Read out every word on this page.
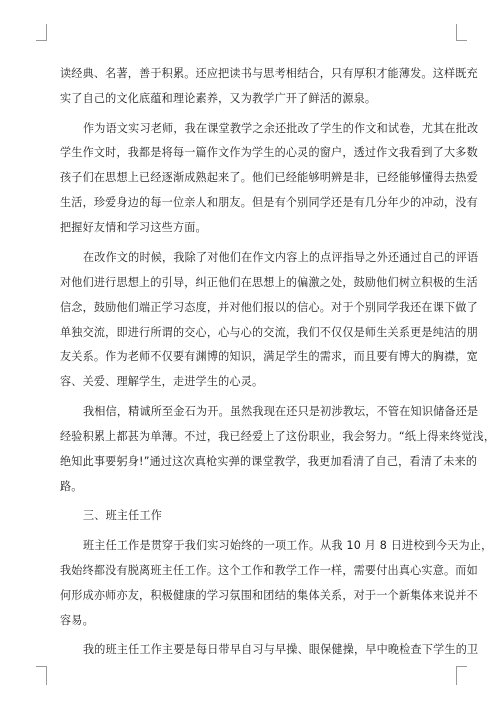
读经典、名著，善于积累。还应把读书与思考相结合，只有厚积才能薄发。这样既充
实了自己的文化底蕴和理论素养，又为教学广开了鲜活的源泉。
作为语文实习老师，我在课堂教学之余还批改了学生的作文和试卷，尤其在批改
学生作文时，我都是将每一篇作文作为学生的心灵的窗户，透过作文我看到了大多数
孩子们在思想上已经逐渐成熟起来了。他们已经能够明辨是非，已经能够懂得去热爱
生活，珍爱身边的每一位亲人和朋友。但是有个别同学还是有几分年少的冲动，没有
把握好友情和学习这些方面。
在改作文的时候，我除了对他们在作文内容上的点评指导之外还通过自己的评语
对他们进行思想上的引导，纠正他们在思想上的偏激之处，鼓励他们树立积极的生活
信念，鼓励他们端正学习态度，并对他们报以的信心。对于个别同学我还在课下做了
单独交流，即进行所谓的交心，心与心的交流，我们不仅仅是师生关系更是纯洁的朋
友关系。作为老师不仅要有渊博的知识，满足学生的需求，而且要有博大的胸襟，宽
容、关爱、理解学生，走进学生的心灵。
我相信，精诚所至金石为开。虽然我现在还只是初涉教坛，不管在知识储备还是
经验积累上都甚为单薄。不过，我已经爱上了这份职业，我会努力。“纸上得来终觉浅，
绝知此事要躬身!”通过这次真枪实弹的课堂教学，我更加看清了自己，看清了未来的
路。
三、班主任工作
班主任工作是贯穿于我们实习始终的一项工作。从我 10 月 8 日进校到今天为止，
我始终都没有脱离班主任工作。这个工作和教学工作一样，需要付出真心实意。而如
何形成亦师亦友，积极健康的学习氛围和团结的集体关系，对于一个新集体来说并不
容易。
我的班主任工作主要是每日带早自习与早操、眼保健操，早中晚检查下学生的卫
